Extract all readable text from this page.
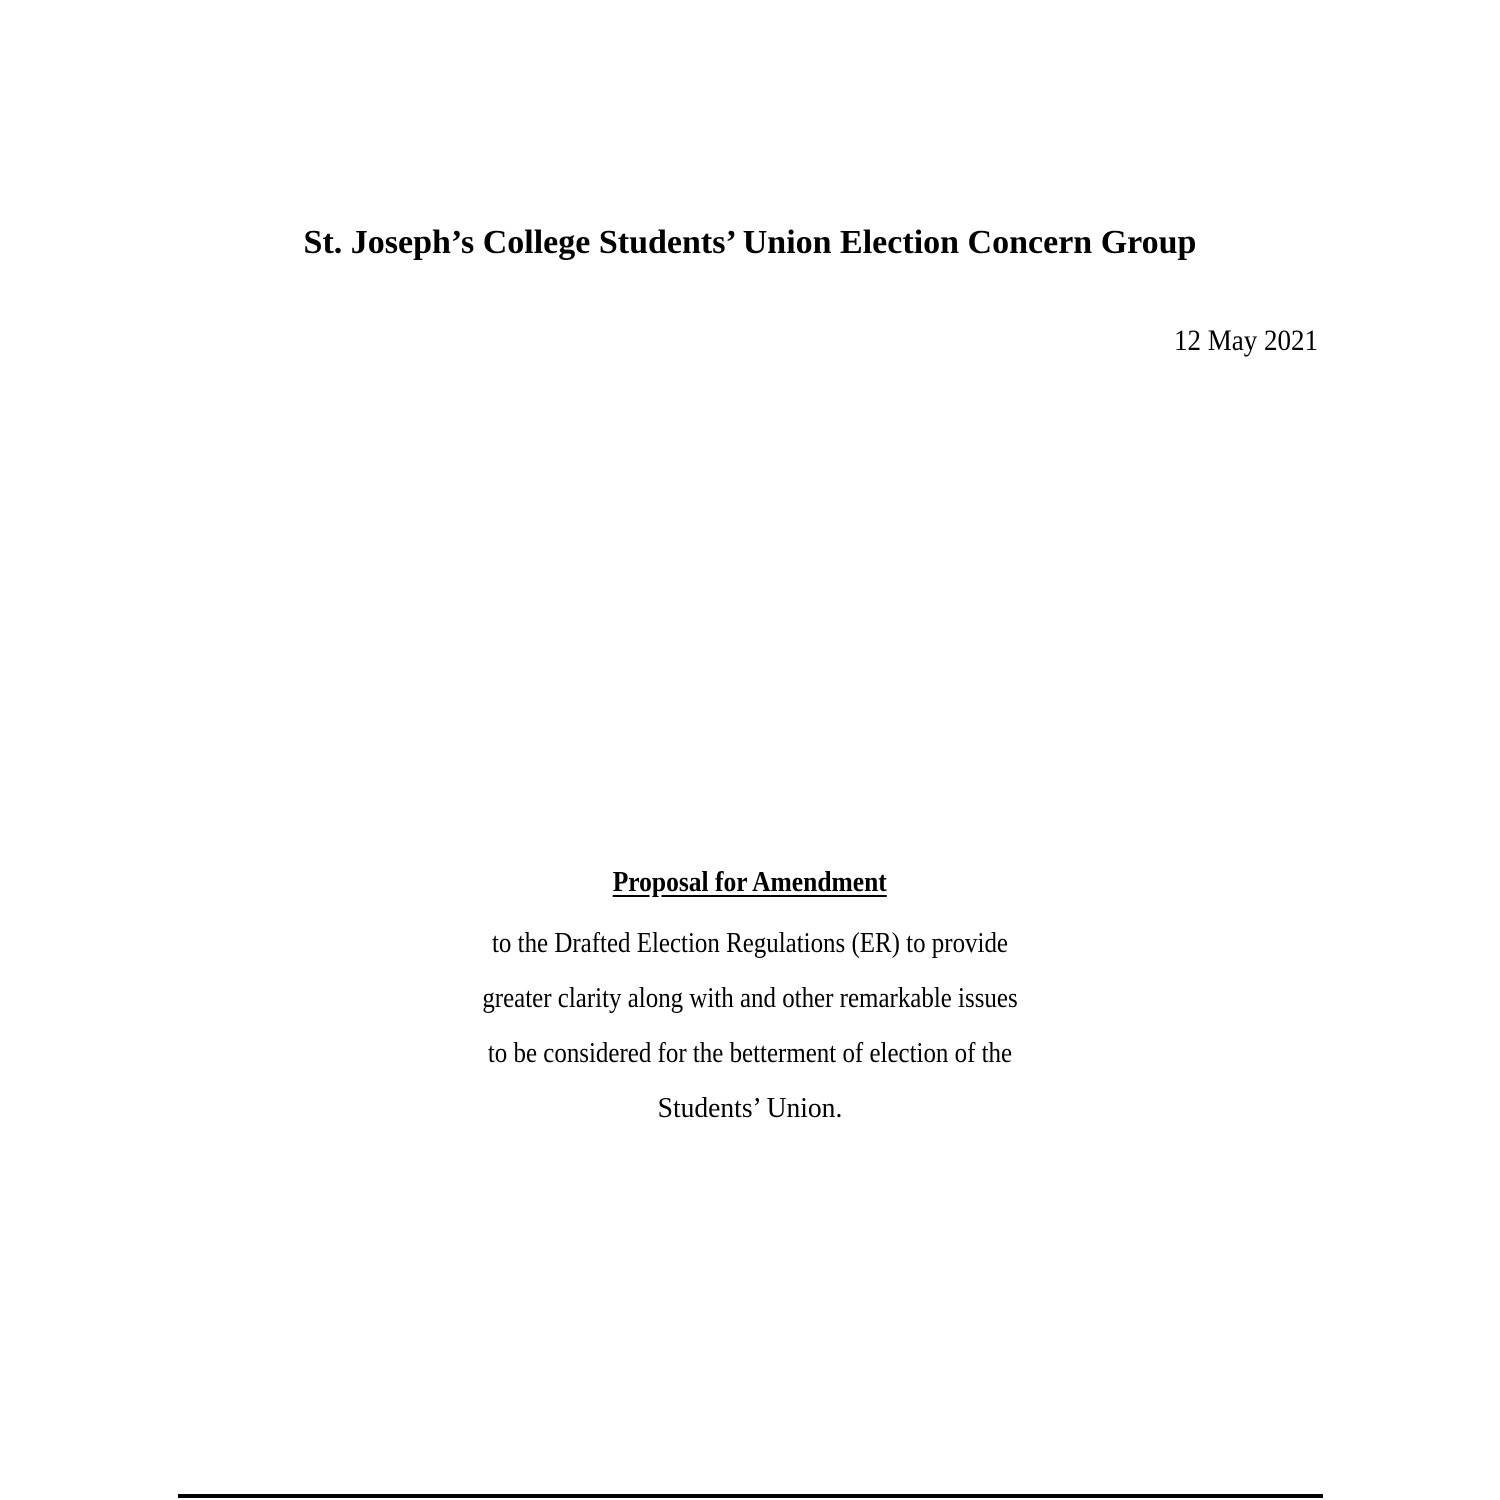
St. Joseph’s College Students’ Union Election Concern Group
12 May 2021
Proposal for Amendment
to the Drafted Election Regulations (ER) to provide
greater clarity along with and other remarkable issues
to be considered for the betterment of election of the
Students’ Union.
